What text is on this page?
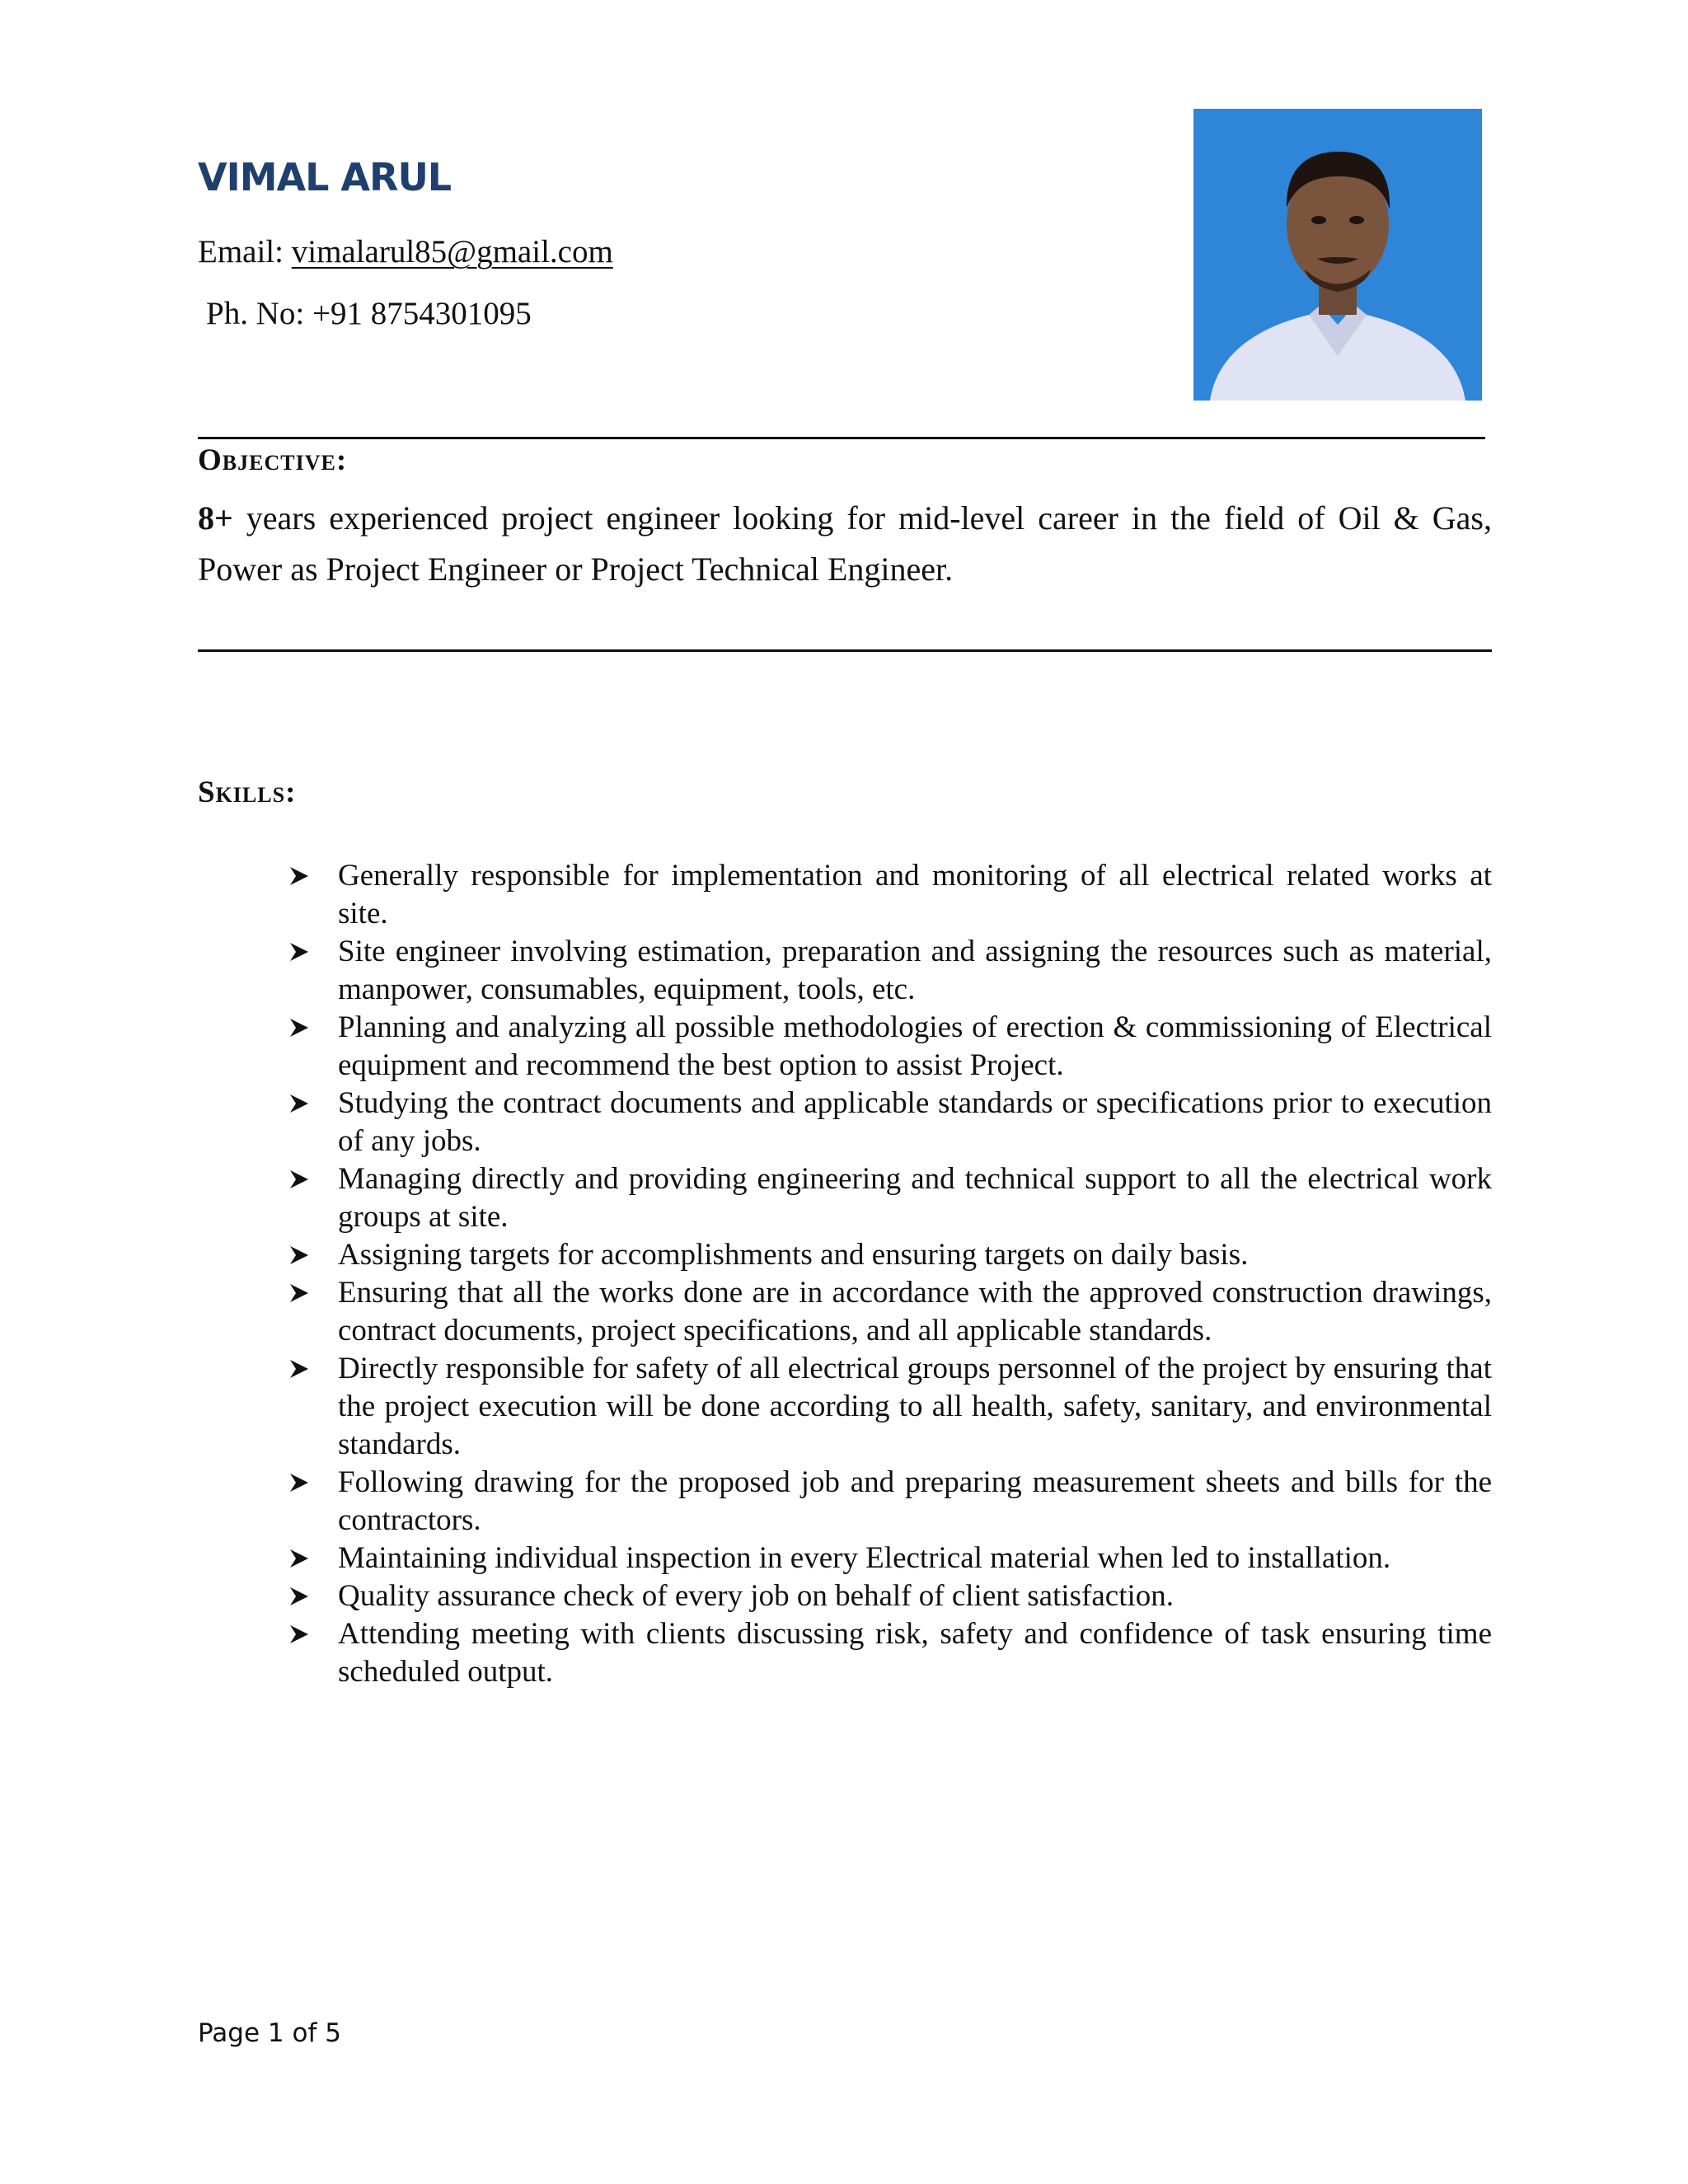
VIMAL ARUL
Email: vimalarul85@gmail.com
Ph. No: +91 8754301095
Objective:

8+ years experienced project engineer looking for mid-level career in the field of Oil & Gas, Power as Project Engineer or Project Technical Engineer.

Skills:
Generally responsible for implementation and monitoring of all electrical related works at site.
Site engineer involving estimation, preparation and assigning the resources such as material, manpower, consumables, equipment, tools, etc.
Planning and analyzing all possible methodologies of erection & commissioning of Electrical equipment and recommend the best option to assist Project.
Studying the contract documents and applicable standards or specifications prior to execution of any jobs.
Managing directly and providing engineering and technical support to all the electrical work groups at site.
Assigning targets for accomplishments and ensuring targets on daily basis.
Ensuring that all the works done are in accordance with the approved construction drawings, contract documents, project specifications, and all applicable standards.
Directly responsible for safety of all electrical groups personnel of the project by ensuring that the project execution will be done according to all health, safety, sanitary, and environmental standards.
Following drawing for the proposed job and preparing measurement sheets and bills for the contractors.
Maintaining individual inspection in every Electrical material when led to installation.
Quality assurance check of every job on behalf of client satisfaction.
Attending meeting with clients discussing risk, safety and confidence of task ensuring time scheduled output.
Page 1 of 5
